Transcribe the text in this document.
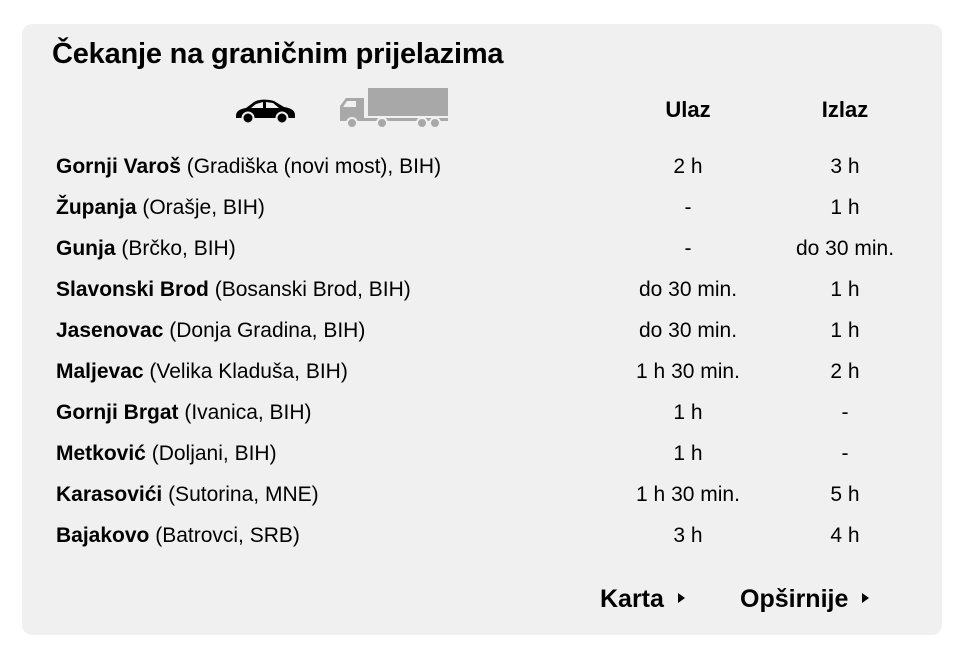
Čekanje na graničnim prijelazima
Ulaz	Izlaz
Gornji Varoš (Gradiška (novi most), BIH)	2 h	3 h
Županja (Orašje, BIH)	-	1 h
Gunja (Brčko, BIH)	-	do 30 min.
Slavonski Brod (Bosanski Brod, BIH)	do 30 min.	1 h
Jasenovac (Donja Gradina, BIH)	do 30 min.	1 h
Maljevac (Velika Kladuša, BIH)	1 h 30 min.	2 h
Gornji Brgat (Ivanica, BIH)	1 h	-
Metković (Doljani, BIH)	1 h	-
Karasovići (Sutorina, MNE)	1 h 30 min.	5 h
Bajakovo (Batrovci, SRB)	3 h	4 h
Karta	Opširnije
